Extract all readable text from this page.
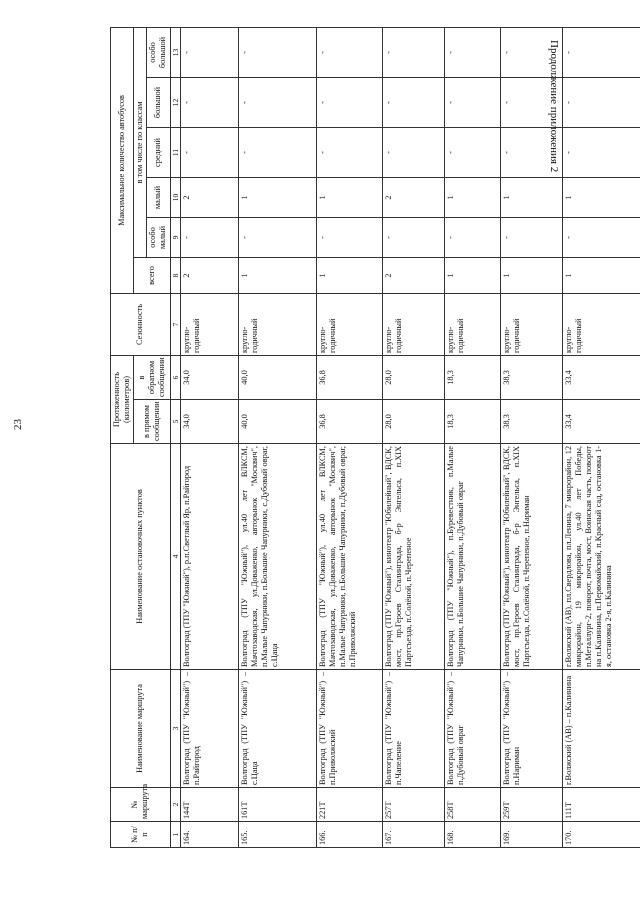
23
Продолжение приложения 2
№ п/п	№ маршрута	Наименование маршрута	Наименование остановочных пунктов	Протяженность (километров)		Сезонность	Максимальное количество автобусов					
				в прямом сообщении	в обратном сообщении		всего	в том числе по классам				
								особо малый	малый	средний	большой	особо большой
1	2	3	4	5	6	7	8	9	10	11	12	13
164.	144Т	Волгоград (ТПУ "Южный") – п.Райгород	Волгоград (ТПУ "Южный"), р.п.Светлый Яр, п.Райгород	34,0	34,0	кругло-годичный	2	-	2	-	-	-
165.	161Т	Волгоград (ТПУ "Южный") – с.Цаца	Волгоград (ТПУ "Южный"), ул.40 лет ВЛКСМ, Мачтозаводская, ул.Доваженко, авторынок "Москвич", п.Малые Чапурники, п.Большие Чапурники, с.Дубовый овраг, с.Цаца	40,0	40,0	кругло-годичный	1	-	1	-	-	-
166.	221Т	Волгоград (ТПУ "Южный") – п.Приволжский	Волгоград (ТПУ "Южный"), ул.40 лет ВЛКСМ, Мачтозаводская, ул.Доваженко, авторынок "Москвич", п.Малые Чапурники, п.Большие Чапурники, п.Дубовый овраг, п.Приволжский	36,8	36,8	кругло-годичный	1	-	1	-	-	-
167.	257Т	Волгоград (ТПУ "Южный") – п.Чапеление	Волгоград (ТПУ "Южный"), кинотеатр "Юбилейный", ВДСК, мост, пр.Героев Сталинграда, б-р Энгельса, п.XIX Партсъезда, п.Солёной, п.Черепеное	28,0	28,0	кругло-годичный	2	-	2	-	-	-
168.	258Т	Волгоград (ТПУ "Южный") – п.Дубовый овраг	Волгоград (ТПУ "Южный"), п.Буревестник, п.Малые Чапурники, п.Большие Чапурники, п.Дубовый овраг	18,3	18,3	кругло-годичный	1	-	1	-	-	-
169.	259Т	Волгоград (ТПУ "Южный") – п.Нариман	Волгоград (ТПУ "Южный"), кинотеатр "Юбилейный", ВДСК, мост, пр.Героев Сталинграда, б-р Энгельса, п.XIX Партсъезда, п.Солёной, п.Черепеное, п.Нариман	38,3	38,3	кругло-годичный	1	-	1	-	-	-
170.	111Т	г.Волжский (АВ) – п.Калинина	г.Волжский (АВ), пл.Свердлова, пл.Ленина, 7 микрорайон, 12 микрорайон, 19 микрорайон, ул.40 лет Победы, п.Металлург-2, поворот, почта, мост, Воинская часть, поворот на п.Калинина, п.Первомайский, п.Красный сад, остановка 1-я, остановка 2-я, п.Калинина	33,4	33,4	кругло-годичный	1	-	1	-	-	-
